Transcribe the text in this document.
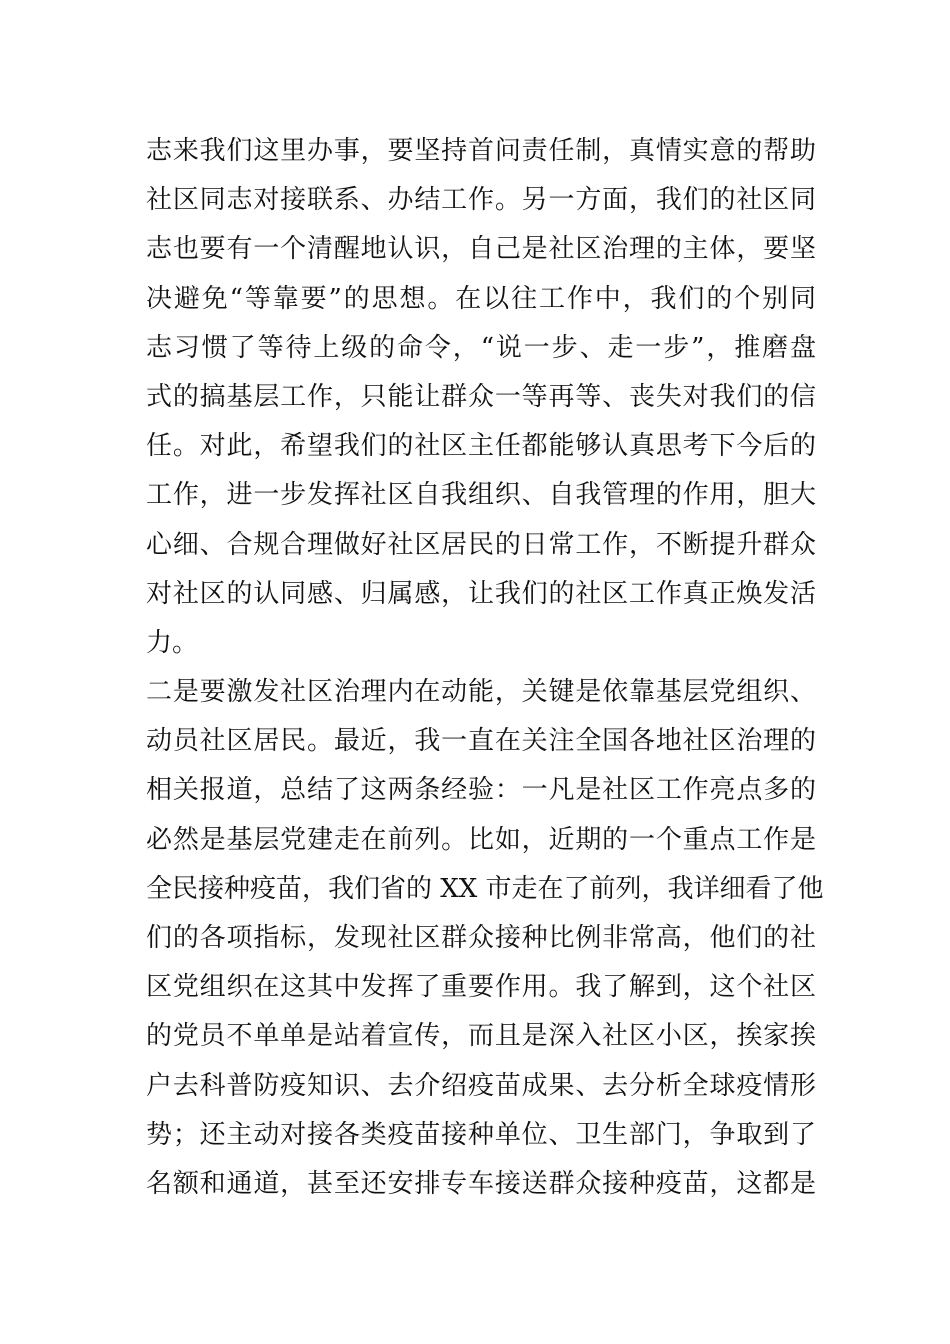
志来我们这里办事，要坚持首问责任制，真情实意的帮助
社区同志对接联系、办结工作。另一方面，我们的社区同
志也要有一个清醒地认识，自己是社区治理的主体，要坚
决避免“等靠要”的思想。在以往工作中，我们的个别同
志习惯了等待上级的命令，“说一步、走一步”，推磨盘
式的搞基层工作，只能让群众一等再等、丧失对我们的信
任。对此，希望我们的社区主任都能够认真思考下今后的
工作，进一步发挥社区自我组织、自我管理的作用，胆大
心细、合规合理做好社区居民的日常工作，不断提升群众
对社区的认同感、归属感，让我们的社区工作真正焕发活
力。
二是要激发社区治理内在动能，关键是依靠基层党组织、
动员社区居民。最近，我一直在关注全国各地社区治理的
相关报道，总结了这两条经验：一凡是社区工作亮点多的
必然是基层党建走在前列。比如，近期的一个重点工作是
全民接种疫苗，我们省的 XX 市走在了前列，我详细看了他
们的各项指标，发现社区群众接种比例非常高，他们的社
区党组织在这其中发挥了重要作用。我了解到，这个社区
的党员不单单是站着宣传，而且是深入社区小区，挨家挨
户去科普防疫知识、去介绍疫苗成果、去分析全球疫情形
势；还主动对接各类疫苗接种单位、卫生部门，争取到了
名额和通道，甚至还安排专车接送群众接种疫苗，这都是
